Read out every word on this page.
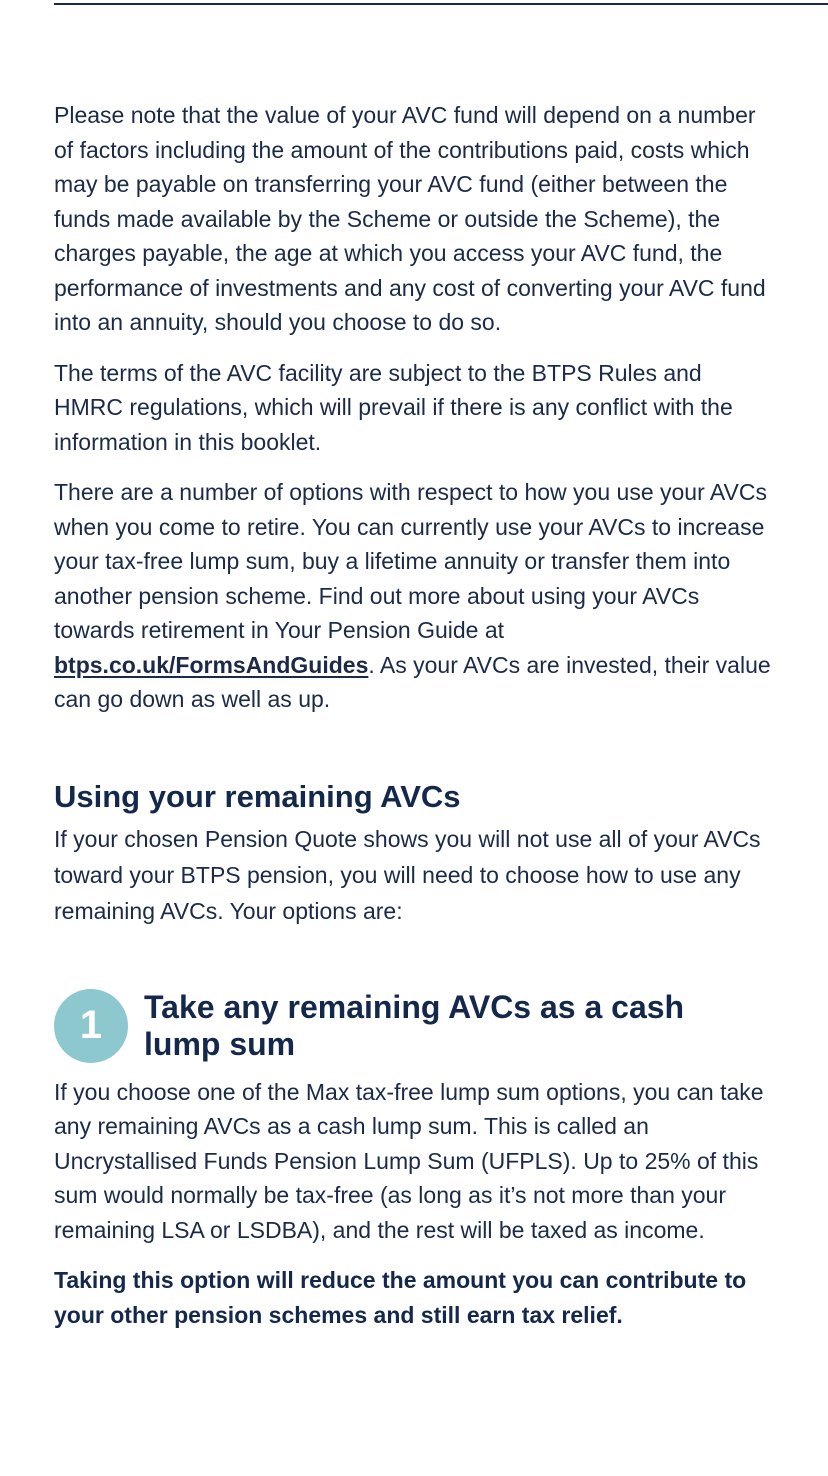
Please note that the value of your AVC fund will depend on a number of factors including the amount of the contributions paid, costs which may be payable on transferring your AVC fund (either between the funds made available by the Scheme or outside the Scheme), the charges payable, the age at which you access your AVC fund, the performance of investments and any cost of converting your AVC fund into an annuity, should you choose to do so.

The terms of the AVC facility are subject to the BTPS Rules and HMRC regulations, which will prevail if there is any conflict with the information in this booklet.

There are a number of options with respect to how you use your AVCs when you come to retire. You can currently use your AVCs to increase your tax-free lump sum, buy a lifetime annuity or transfer them into another pension scheme. Find out more about using your AVCs towards retirement in Your Pension Guide at btps.co.uk/FormsAndGuides. As your AVCs are invested, their value can go down as well as up.

Using your remaining AVCs

If your chosen Pension Quote shows you will not use all of your AVCs toward your BTPS pension, you will need to choose how to use any remaining AVCs. Your options are:

1	Take any remaining AVCs as a cash lump sum

If you choose one of the Max tax-free lump sum options, you can take any remaining AVCs as a cash lump sum. This is called an Uncrystallised Funds Pension Lump Sum (UFPLS). Up to 25% of this sum would normally be tax-free (as long as it’s not more than your remaining LSA or LSDBA), and the rest will be taxed as income.

Taking this option will reduce the amount you can contribute to your other pension schemes and still earn tax relief.
